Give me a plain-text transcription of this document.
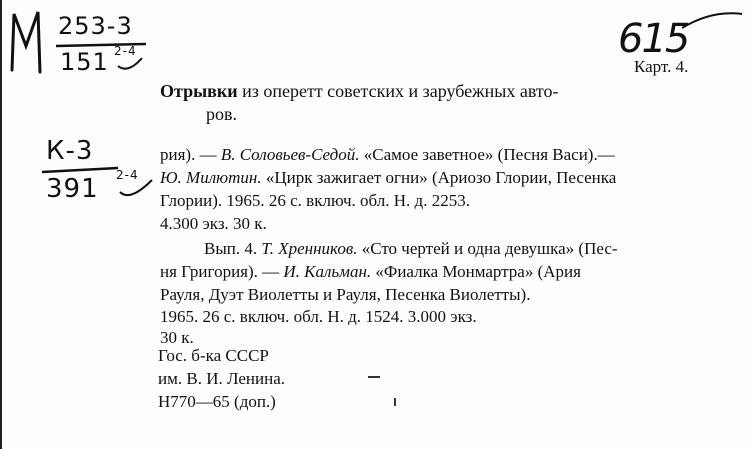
253-3
151 2-4
К-3
391 2-4
615
Карт. 4.
Отрывки из оперетт советских и зарубежных авто-
ров.
рия). — В. Соловьев-Седой. «Самое заветное» (Песня Васи).—
Ю. Милютин. «Цирк зажигает огни» (Ариозо Глории, Песенка
Глории). 1965. 26 с. включ. обл. Н. д. 2253.
4.300 экз. 30 к.
Вып. 4. Т. Хренников. «Сто чертей и одна девушка» (Пес-
ня Григория). — И. Кальман. «Фиалка Монмартра» (Ария
Рауля, Дуэт Виолетты и Рауля, Песенка Виолетты).
1965. 26 с. включ. обл. Н. д. 1524. 3.000 экз.
30 к.
Гос. б-ка СССР
им. В. И. Ленина.
Н770—65 (доп.)
